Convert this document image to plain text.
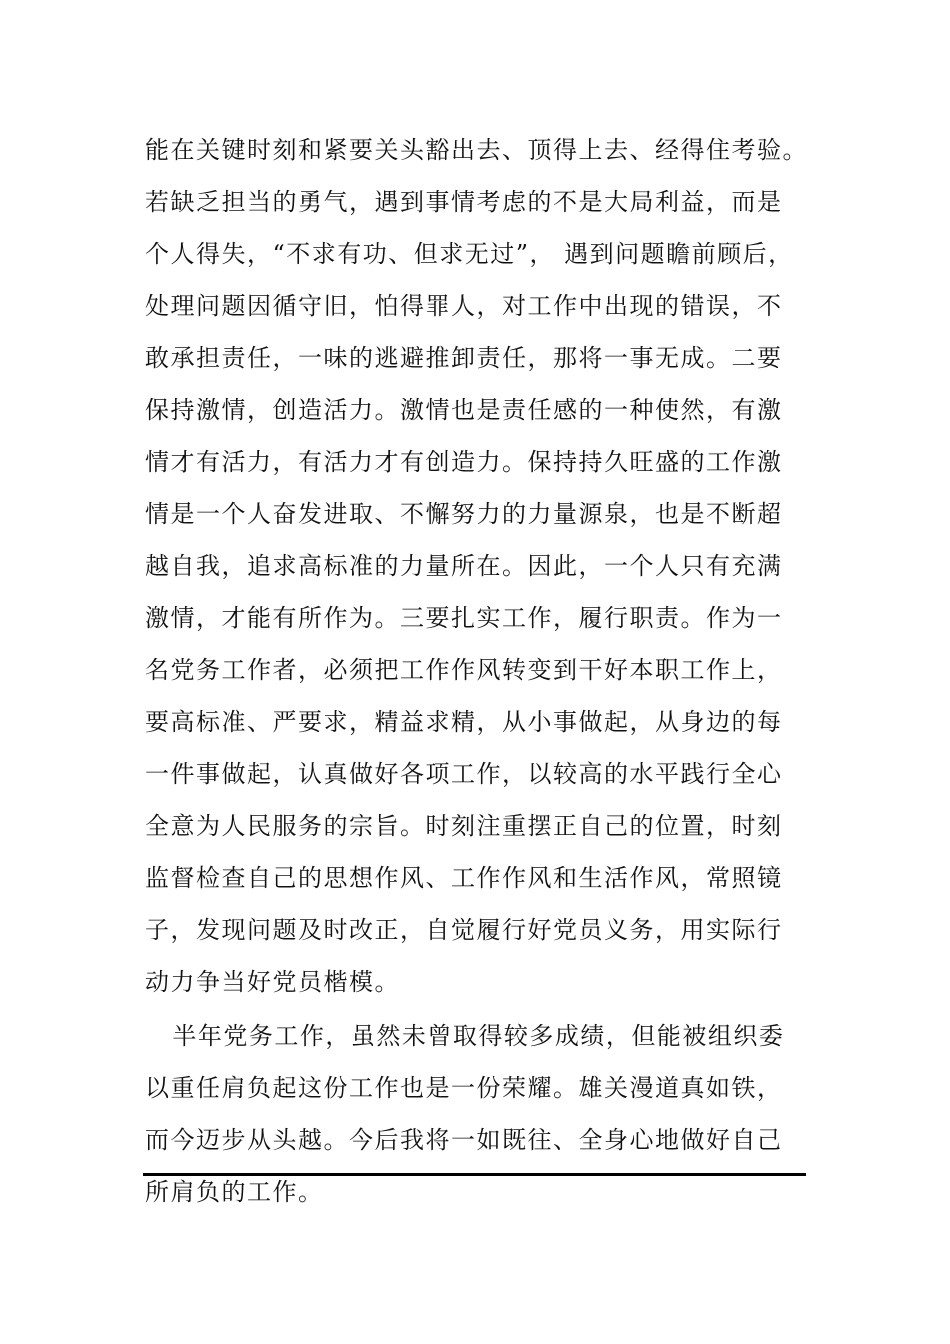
能在关键时刻和紧要关头豁出去、顶得上去、经得住考验。
若缺乏担当的勇气，遇到事情考虑的不是大局利益，而是
个人得失，“不求有功、但求无过”， 遇到问题瞻前顾后，
处理问题因循守旧，怕得罪人，对工作中出现的错误，不
敢承担责任，一味的逃避推卸责任，那将一事无成。二要
保持激情，创造活力。激情也是责任感的一种使然，有激
情才有活力，有活力才有创造力。保持持久旺盛的工作激
情是一个人奋发进取、不懈努力的力量源泉，也是不断超
越自我，追求高标准的力量所在。因此，一个人只有充满
激情，才能有所作为。三要扎实工作，履行职责。作为一
名党务工作者，必须把工作作风转变到干好本职工作上，
要高标准、严要求，精益求精，从小事做起，从身边的每
一件事做起，认真做好各项工作，以较高的水平践行全心
全意为人民服务的宗旨。时刻注重摆正自己的位置，时刻
监督检查自己的思想作风、工作作风和生活作风，常照镜
子，发现问题及时改正，自觉履行好党员义务，用实际行
动力争当好党员楷模。
半年党务工作，虽然未曾取得较多成绩，但能被组织委
以重任肩负起这份工作也是一份荣耀。雄关漫道真如铁，
而今迈步从头越。今后我将一如既往、全身心地做好自己
所肩负的工作。
